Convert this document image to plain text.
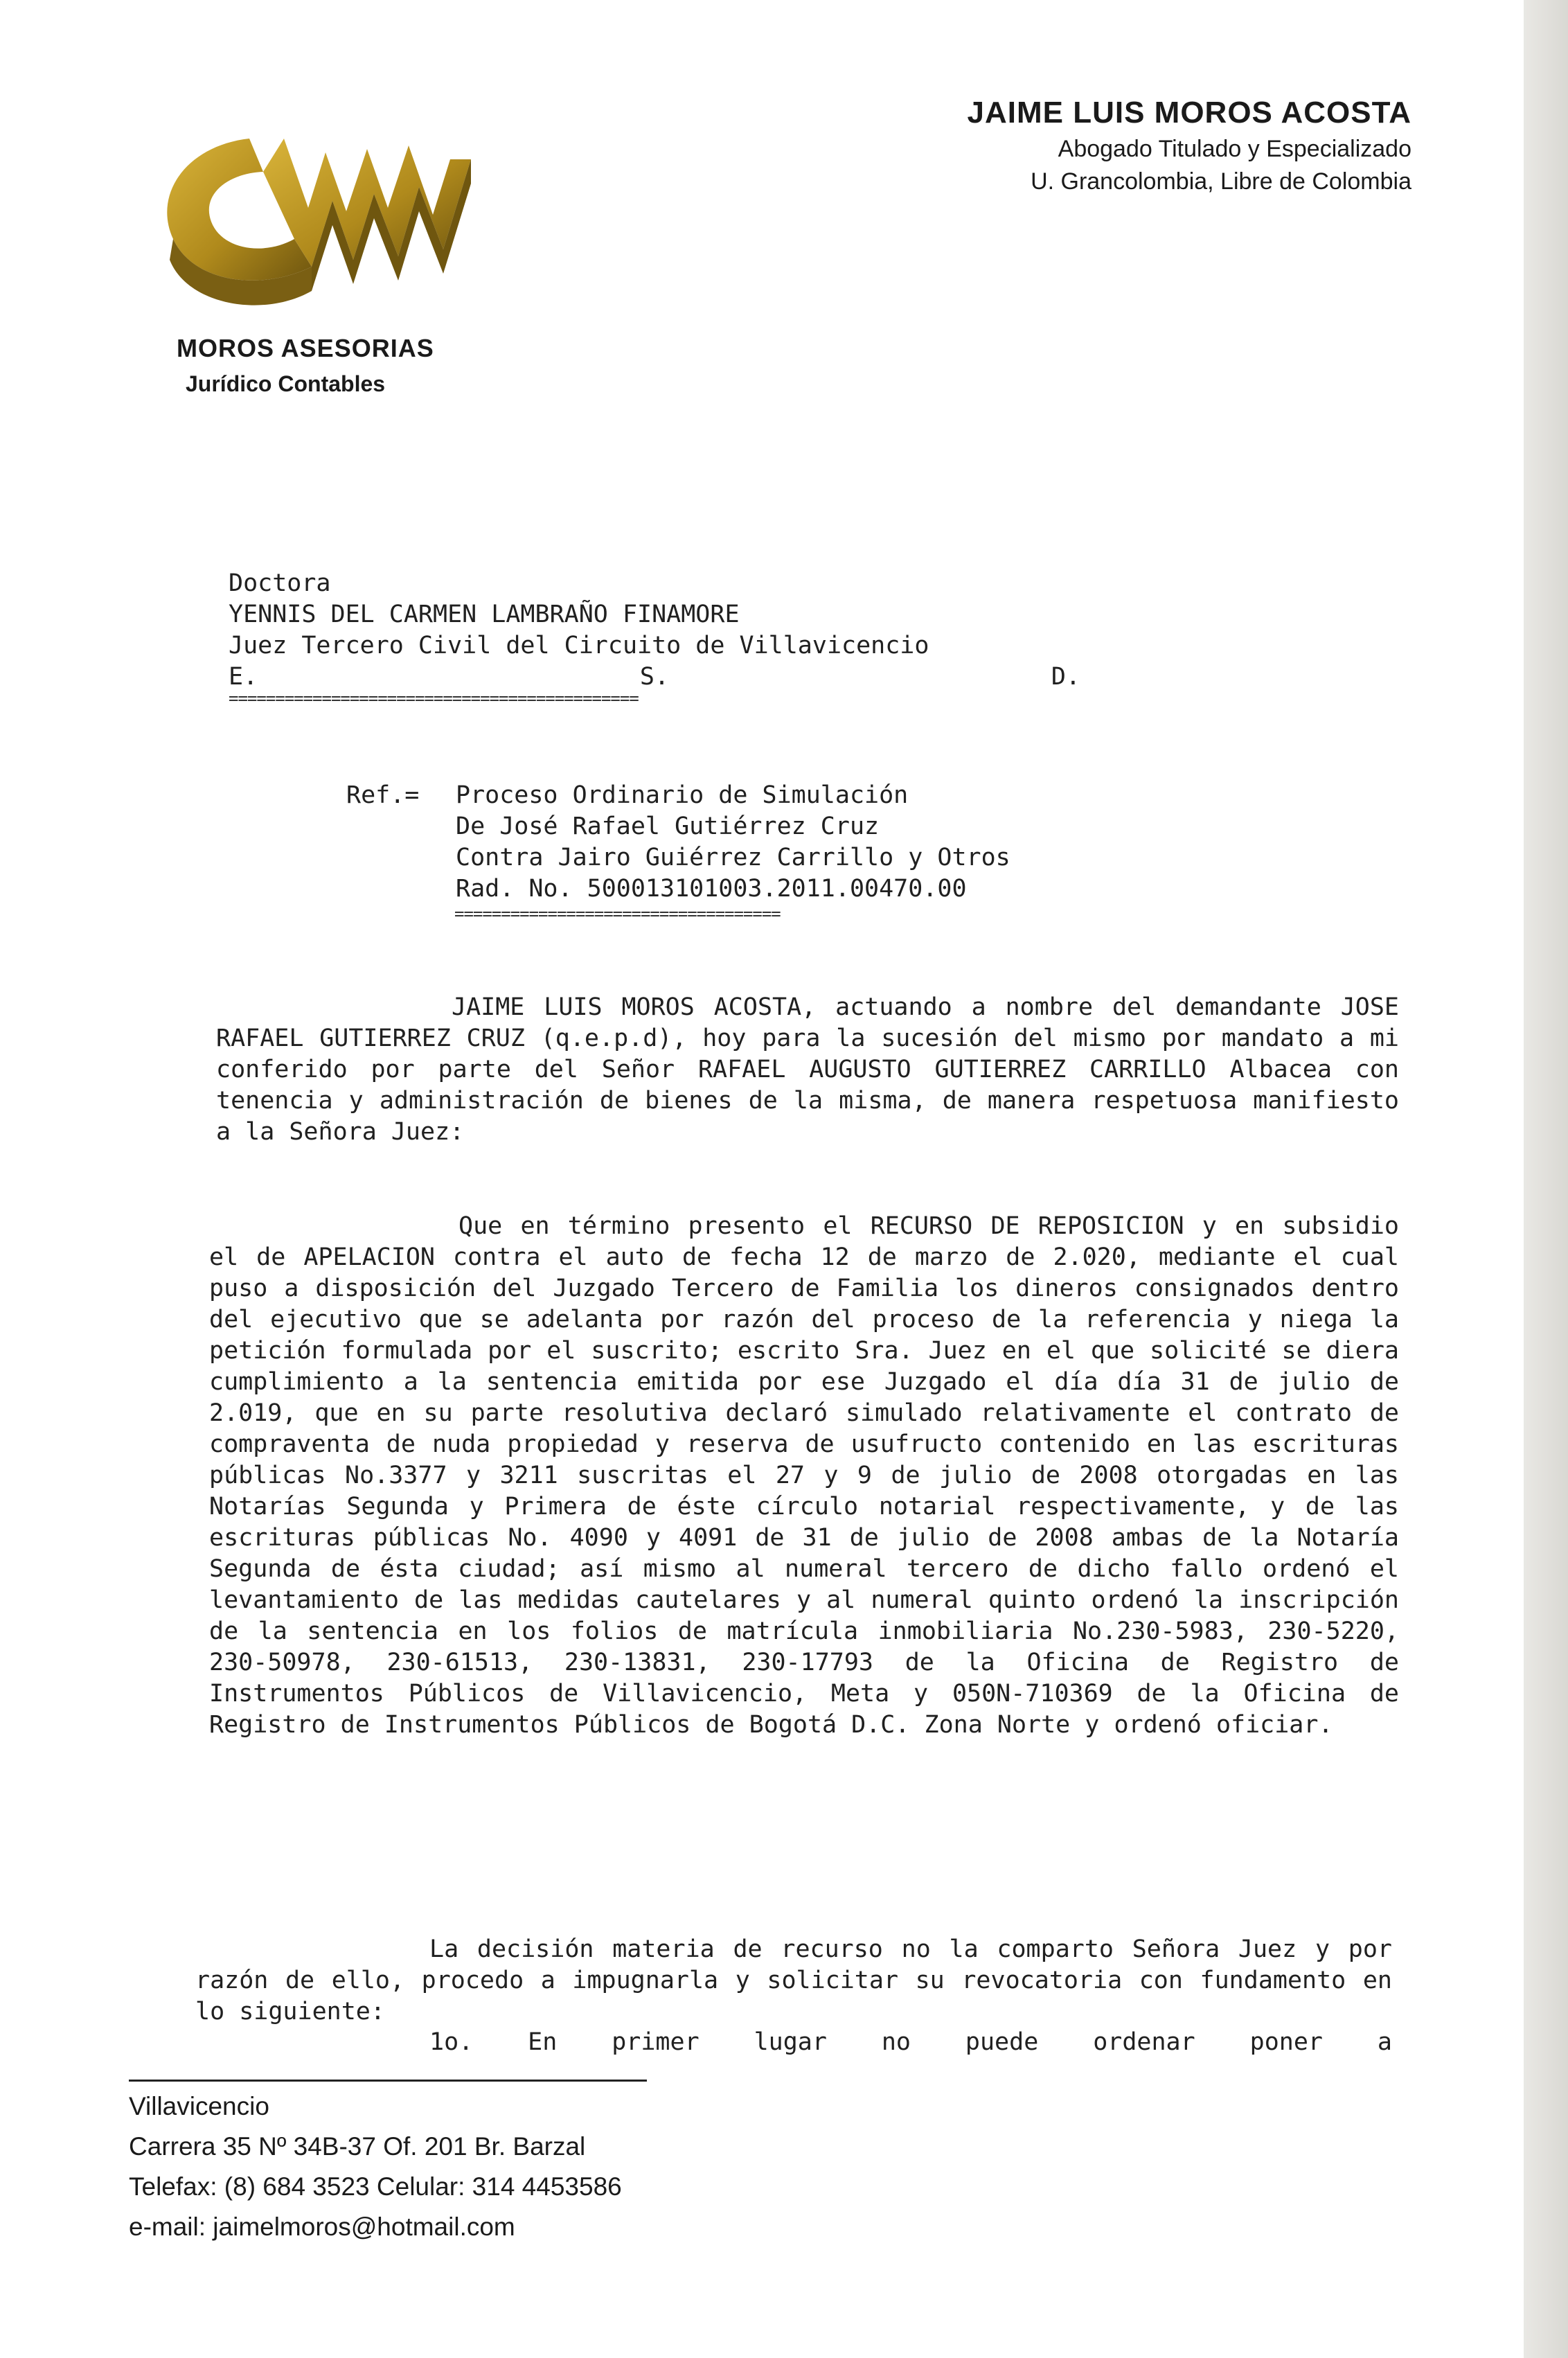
MOROS ASESORIAS
Jurídico Contables
JAIME LUIS MOROS ACOSTA
Abogado Titulado y Especializado
U. Grancolombia, Libre de Colombia
Doctora
YENNIS DEL CARMEN LAMBRAÑO FINAMORE
Juez Tercero Civil del Circuito de Villavicencio
E.	S.	D.
============================================
Ref.=	Proceso Ordinario de Simulación
De José Rafael Gutiérrez Cruz
Contra Jairo Guiérrez Carrillo y Otros
Rad. No. 500013101003.2011.00470.00
===================================
JAIME LUIS MOROS ACOSTA, actuando a nombre del demandante JOSE RAFAEL GUTIERREZ CRUZ (q.e.p.d), hoy para la sucesión del mismo por mandato a mi conferido por parte del Señor RAFAEL AUGUSTO GUTIERREZ CARRILLO Albacea con tenencia y administración de bienes de la misma, de manera respetuosa manifiesto a la Señora Juez:
Que en término presento el RECURSO DE REPOSICION y en subsidio el de APELACION contra el auto de fecha 12 de marzo de 2.020, mediante el cual puso a disposición del Juzgado Tercero de Familia los dineros consignados dentro del ejecutivo que se adelanta por razón del proceso de la referencia y niega la petición formulada por el suscrito; escrito Sra. Juez en el que solicité se diera cumplimiento a la sentencia emitida por ese Juzgado el día día 31 de julio de 2.019, que en su parte resolutiva declaró simulado relativamente el contrato de compraventa de nuda propiedad y reserva de usufructo contenido en las escrituras públicas No.3377 y 3211 suscritas el 27 y 9 de julio de 2008 otorgadas en las Notarías Segunda y Primera de éste círculo notarial respectivamente, y de las escrituras públicas No. 4090 y 4091 de 31 de julio de 2008 ambas de la Notaría Segunda de ésta ciudad; así mismo al numeral tercero de dicho fallo ordenó el levantamiento de las medidas cautelares y al numeral quinto ordenó la inscripción de la sentencia en los folios de matrícula inmobiliaria No.230-5983, 230-5220, 230-50978, 230-61513, 230-13831, 230-17793 de la Oficina de Registro de Instrumentos Públicos de Villavicencio, Meta y 050N-710369 de la Oficina de Registro de Instrumentos Públicos de Bogotá D.C. Zona Norte y ordenó oficiar.
La decisión materia de recurso no la comparto Señora Juez y por razón de ello, procedo a impugnarla y solicitar su revocatoria con fundamento en lo siguiente:
1o. En primer lugar no puede ordenar poner a
Villavicencio
Carrera 35 Nº 34B-37 Of. 201 Br. Barzal
Telefax: (8) 684 3523 Celular: 314 4453586
e-mail: jaimelmoros@hotmail.com
